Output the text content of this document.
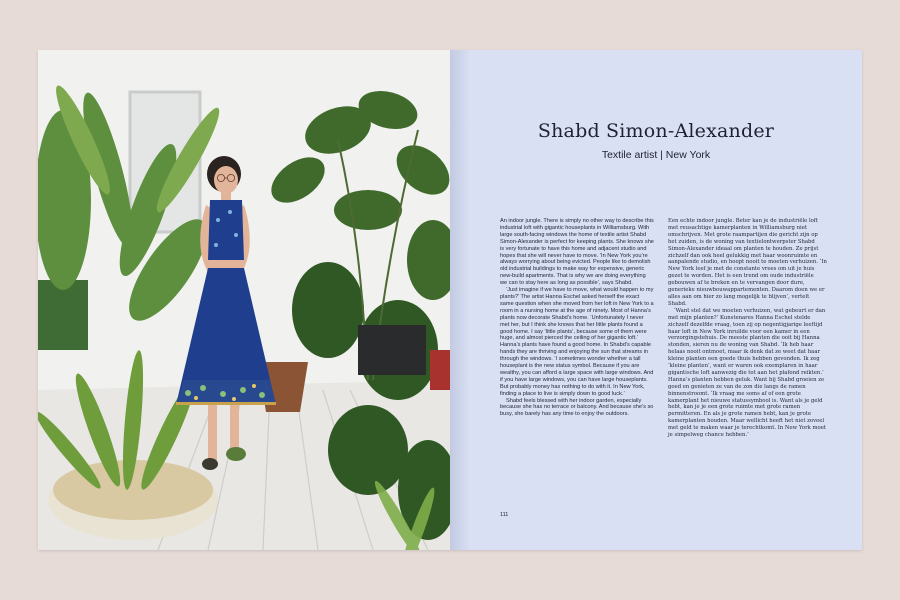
Shabd Simon-Alexander
Textile artist | New York

An indoor jungle. There is simply no other way to describe this industrial loft with gigantic houseplants in Williamsburg. With large south-facing windows the home of textile artist Shabd Simon-Alexander is perfect for keeping plants. She knows she is very fortunate to have this home and adjacent studio and hopes that she will never have to move. ‘In New York you’re always worrying about being evicted. People like to demolish old industrial buildings to make way for expensive, generic new-build apartments. That is why we are doing everything we can to stay here as long as possible’, says Shabd.

‘Just imagine if we have to move, what would happen to my plants?’ The artist Hanna Eschel asked herself the exact same question when she moved from her loft in New York to a room in a nursing home at the age of ninety. Most of Hanna’s plants now decorate Shabd’s home. ‘Unfortunately I never met her, but I think she knows that her little plants found a good home. I say ‘little plants’, because some of them were huge, and almost pierced the ceiling of her gigantic loft.’ Hanna’s plants have found a good home. In Shabd’s capable hands they are thriving and enjoying the sun that streams in through the windows. ‘I sometimes wonder whether a tall houseplant is the new status symbol. Because if you are wealthy, you can afford a large space with large windows. And if you have large windows, you can have large houseplants. But probably money has nothing to do with it. In New York, finding a place to live is simply down to good luck.’

Shabd feels blessed with her indoor garden, especially because she has no terrace or balcony. And because she’s so busy, she barely has any time to enjoy the outdoors.

Een echte indoor jungle. Beter kan je de industriële loft met reusachtige kamerplanten in Williamsburg niet omschrijven. Met grote raampartijen die gericht zijn op het zuiden, is de woning van textielontwerpster Shabd Simon-Alexander ideaal om planten te houden. Ze prijst zichzelf dan ook heel gelukkig met haar woonruimte en aanpalende studio, en hoopt nooit te moeten verhuizen. ‘In New York leef je met de constante vrees om uit je huis gezet te worden. Het is een trend om oude industriële gebouwen af te breken en te vervangen door dure, generieke nieuwbouwappartementen. Daarom doen we er alles aan om hier zo lang mogelijk te blijven’, vertelt Shabd.

‘Want stel dat we moeten verhuizen, wat gebeurt er dan met mijn planten?’ Kunstenares Hanna Eschel stelde zichzelf dezelfde vraag, toen zij op negentigjarige leeftijd haar loft in New York inruilde voor een kamer in een verzorgingstehuis. De meeste planten die ooit bij Hanna stonden, sieren nu de woning van Shabd. ‘Ik heb haar helaas nooit ontmoet, maar ik denk dat ze weet dat haar kleine planten een goede thuis hebben gevonden. Ik zeg ‘kleine planten’, want er waren ook exemplaren in haar gigantische loft aanwezig die tot aan het plafond reikten.’ Hanna’s planten hebben geluk. Want bij Shabd groeien ze goed en genieten ze van de zon die langs de ramen binnenstroomt. ‘Ik vraag me soms af of een grote kamerplant het nieuwe statussymbool is. Want als je geld hebt, kan je je een grote ruimte met grote ramen permitteren. En als je grote ramen hebt, kan je grote kamerplanten houden. Maar wellicht heeft het niet zoveel met geld te maken waar je terechtkomt. In New York moet je simpelweg chance hebben.’

111
